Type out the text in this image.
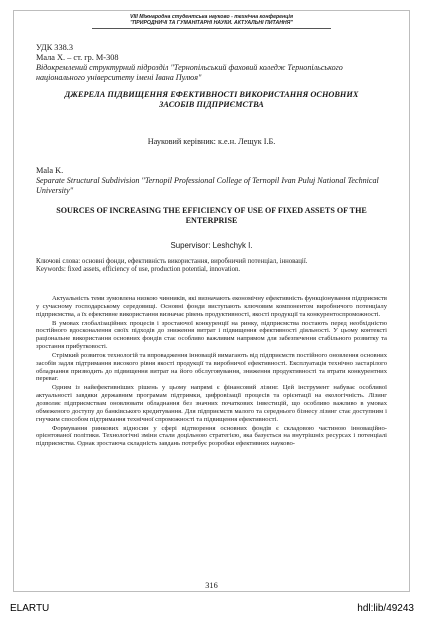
VIII Міжнародна студентська науково - технічна конференція
"ПРИРОДНИЧІ ТА ГУМАНІТАРНІ НАУКИ. АКТУАЛЬНІ ПИТАННЯ"
УДК 338.3
Мала Х. – ст. гр. М-308
Відокремлений структурний підрозділ "Тернопільський фаховий коледж Тернопільського національного університету імені Івана Пулюя"
ДЖЕРЕЛА ПІДВИЩЕННЯ ЕФЕКТИВНОСТІ ВИКОРИСТАННЯ ОСНОВНИХ ЗАСОБІВ ПІДПРИЄМСТВА
Науковий керівник: к.е.н. Лещук І.Б.
Mala K.
Separate Structural Subdivision "Ternopil Professional College of Ternopil Ivan Puluj National Technical University"
SOURCES OF INCREASING THE EFFICIENCY OF USE OF FIXED ASSETS OF THE ENTERPRISE
Supervisor: Leshchyk I.
Ключові слова: основні фонди, ефективність використання, виробничий потенціал, інновації.
Keywords: fixed assets, efficiency of use, production potential, innovation.

Актуальність теми зумовлена низкою чинників, які визначають економічну ефективність функціонування підприємств у сучасному господарському середовищі. Основні фонди виступають ключовим компонентом виробничого потенціалу підприємства, а їх ефективне використання визначає рівень продуктивності, якості продукції та конкурентоспроможності.

В умовах глобалізаційних процесів і зростаючої конкуренції на ринку, підприємства постають перед необхідністю постійного вдосконалення своїх підходів до зниження витрат і підвищення ефективності діяльності. У цьому контексті раціональне використання основних фондів стає особливо важливим напрямом для забезпечення стабільного розвитку та зростання прибутковості.

Стрімкий розвиток технологій та впровадження інновацій вимагають від підприємств постійного оновлення основних засобів задля підтримання високого рівня якості продукції та виробничої ефективності. Експлуатація технічно застарілого обладнання призводить до підвищення витрат на його обслуговування, зниження продуктивності та втрати конкурентних переваг.

Одним із найефективніших рішень у цьому напрямі є фінансовий лізинг. Цей інструмент набуває особливої актуальності завдяки державним програмам підтримки, цифровізації процесів та орієнтації на екологічність. Лізинг дозволяє підприємствам оновлювати обладнання без значних початкових інвестицій, що особливо важливо в умовах обмеженого доступу до банківського кредитування. Для підприємств малого та середнього бізнесу лізинг стає доступним і гнучким способом підтримання технічної спроможності та підвищення ефективності.

Формування ринкових відносин у сфері відтворення основних фондів є складовою частиною інноваційно-орієнтованої політики. Технологічні зміни стали доцільною стратегією, яка базується на внутрішніх ресурсах і потенціалі підприємства. Однак зростаюча складність завдань потребує розробки ефективних науково-

316
ELARTU	hdl:lib/49243
